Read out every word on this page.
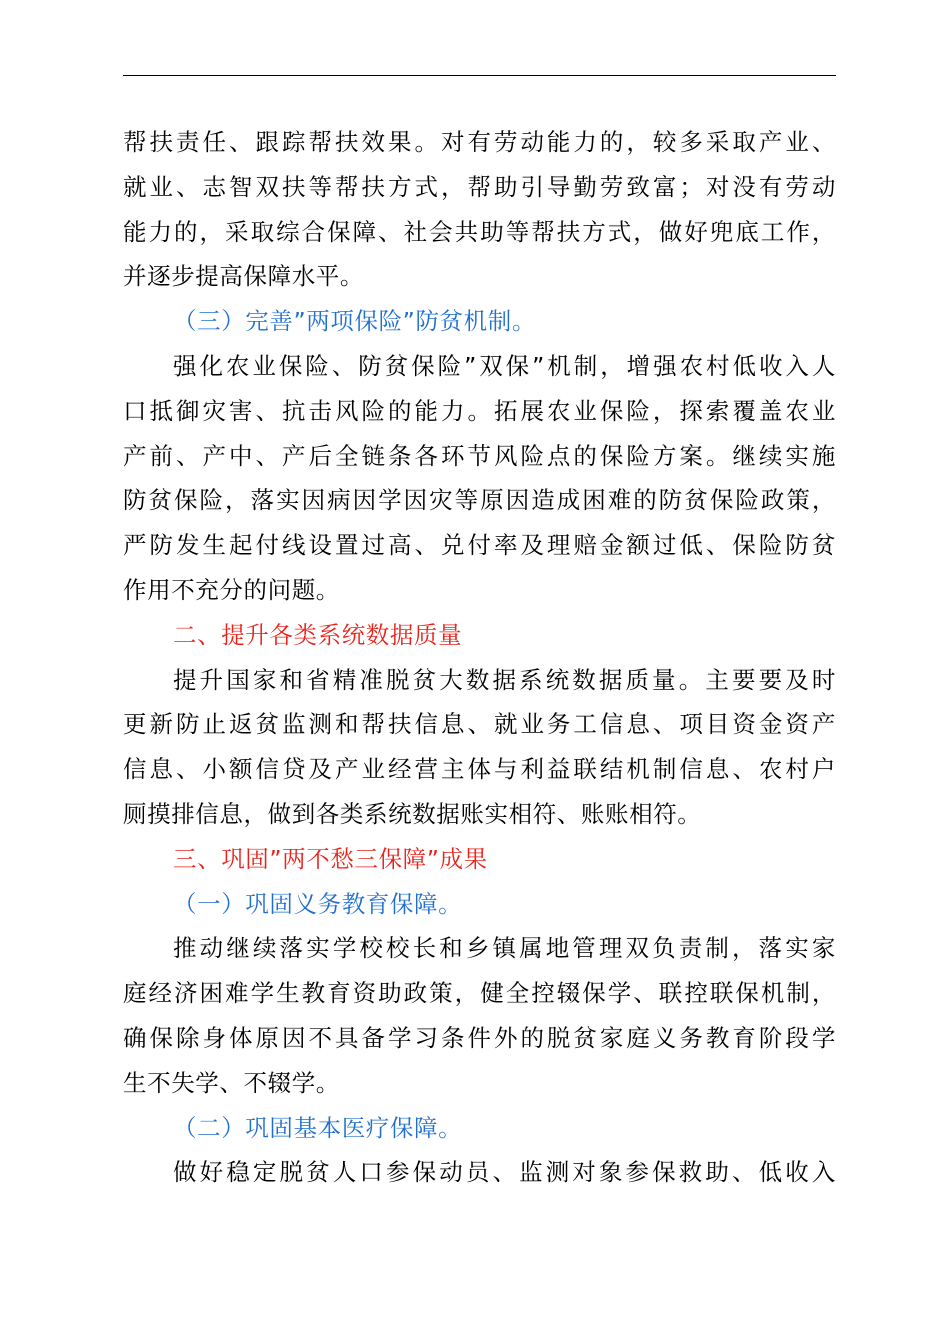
帮扶责任、跟踪帮扶效果。对有劳动能力的，较多采取产业、
就业、志智双扶等帮扶方式，帮助引导勤劳致富；对没有劳动
能力的，采取综合保障、社会共助等帮扶方式，做好兜底工作，
并逐步提高保障水平。
（三）完善”两项保险”防贫机制。
强化农业保险、防贫保险”双保”机制，增强农村低收入人
口抵御灾害、抗击风险的能力。拓展农业保险，探索覆盖农业
产前、产中、产后全链条各环节风险点的保险方案。继续实施
防贫保险，落实因病因学因灾等原因造成困难的防贫保险政策，
严防发生起付线设置过高、兑付率及理赔金额过低、保险防贫
作用不充分的问题。
二、提升各类系统数据质量
提升国家和省精准脱贫大数据系统数据质量。主要要及时
更新防止返贫监测和帮扶信息、就业务工信息、项目资金资产
信息、小额信贷及产业经营主体与利益联结机制信息、农村户
厕摸排信息，做到各类系统数据账实相符、账账相符。
三、巩固”两不愁三保障”成果
（一）巩固义务教育保障。
推动继续落实学校校长和乡镇属地管理双负责制，落实家
庭经济困难学生教育资助政策，健全控辍保学、联控联保机制，
确保除身体原因不具备学习条件外的脱贫家庭义务教育阶段学
生不失学、不辍学。
（二）巩固基本医疗保障。
做好稳定脱贫人口参保动员、监测对象参保救助、低收入
